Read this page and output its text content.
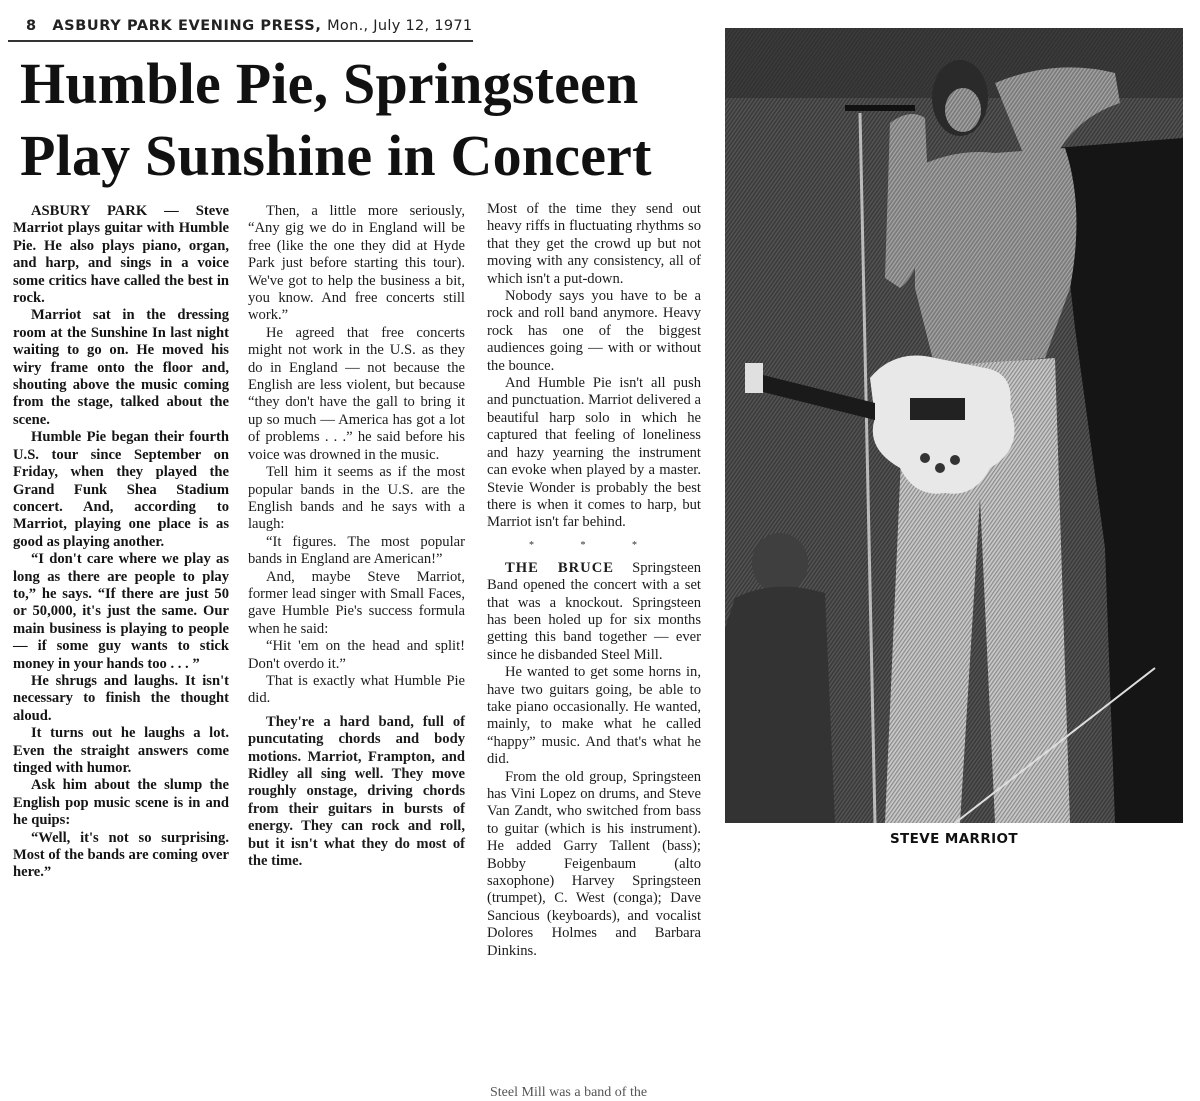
8 ASBURY PARK EVENING PRESS, Mon., July 12, 1971
Humble Pie, Springsteen
Play Sunshine in Concert

ASBURY PARK — Steve Marriot plays guitar with Humble Pie. He also plays piano, organ, and harp, and sings in a voice some critics have called the best in rock.

Marriot sat in the dressing room at the Sunshine In last night waiting to go on. He moved his wiry frame onto the floor and, shouting above the music coming from the stage, talked about the scene.

Humble Pie began their fourth U.S. tour since September on Friday, when they played the Grand Funk Shea Stadium concert. And, according to Marriot, playing one place is as good as playing another.

“I don't care where we play as long as there are people to play to,” he says. “If there are just 50 or 50,000, it's just the same. Our main business is playing to people — if some guy wants to stick money in your hands too . . . ”

He shrugs and laughs. It isn't necessary to finish the thought aloud.

It turns out he laughs a lot. Even the straight answers come tinged with humor.

Ask him about the slump the English pop music scene is in and he quips:

“Well, it's not so surprising. Most of the bands are coming over here.”

Then, a little more seriously, “Any gig we do in England will be free (like the one they did at Hyde Park just before starting this tour). We've got to help the business a bit, you know. And free concerts still work.”

He agreed that free concerts might not work in the U.S. as they do in England — not because the English are less violent, but because “they don't have the gall to bring it up so much — America has got a lot of problems . . .” he said before his voice was drowned in the music.

Tell him it seems as if the most popular bands in the U.S. are the English bands and he says with a laugh:

“It figures. The most popular bands in England are American!”

And, maybe Steve Marriot, former lead singer with Small Faces, gave Humble Pie's success formula when he said:

“Hit 'em on the head and split! Don't overdo it.”

That is exactly what Humble Pie did.

They're a hard band, full of puncutating chords and body motions. Marriot, Frampton, and Ridley all sing well. They move roughly onstage, driving chords from their guitars in bursts of energy. They can rock and roll, but it isn't what they do most of the time.

Most of the time they send out heavy riffs in fluctuating rhythms so that they get the crowd up but not moving with any consistency, all of which isn't a put-down.

Nobody says you have to be a rock and roll band anymore. Heavy rock has one of the biggest audiences going — with or without the bounce.

And Humble Pie isn't all push and punctuation. Marriot delivered a beautiful harp solo in which he captured that feeling of loneliness and hazy yearning the instrument can evoke when played by a master. Stevie Wonder is probably the best there is when it comes to harp, but Marriot isn't far behind.

* * *

THE BRUCE Springsteen Band opened the concert with a set that was a knockout. Springsteen has been holed up for six months getting this band together — ever since he disbanded Steel Mill.

He wanted to get some horns in, have two guitars going, be able to take piano occasionally. He wanted, mainly, to make what he called “happy” music. And that's what he did.

From the old group, Springsteen has Vini Lopez on drums, and Steve Van Zandt, who switched from bass to guitar (which is his instrument). He added Garry Tallent (bass); Bobby Feigenbaum (alto saxophone) Harvey Springsteen (trumpet), C. West (conga); Dave Sancious (keyboards), and vocalist Dolores Holmes and Barbara Dinkins.

STEVE MARRIOT
Steel Mill was a band of the
